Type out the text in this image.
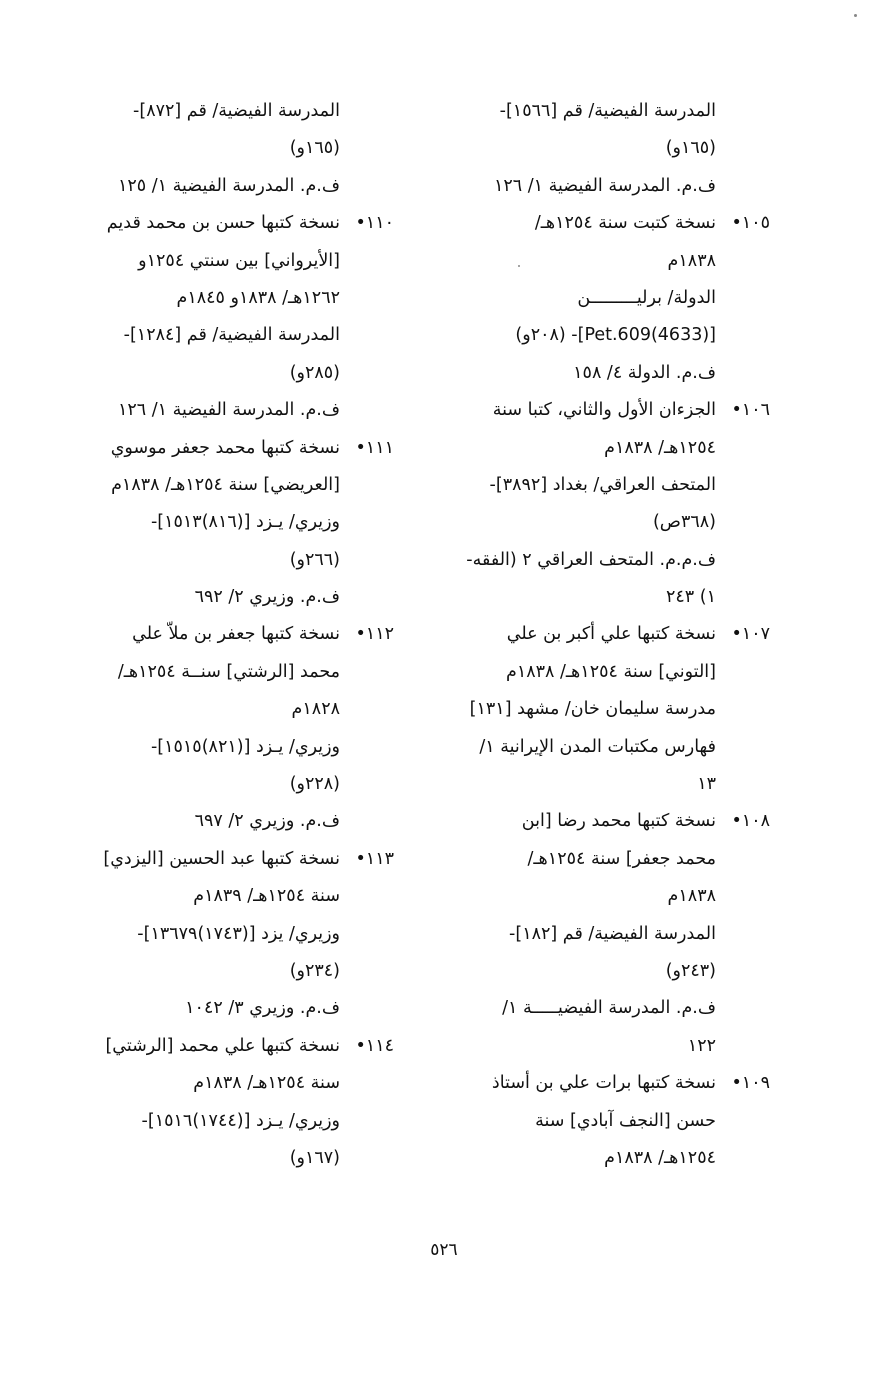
المدرسة الفيضية/ قم [١٥٦٦]-
(١٦٥و)
ف.م. المدرسة الفيضية ١/ ١٢٦
١٠٥•
نسخة كتبت سنة ١٢٥٤هـ/
١٨٣٨م
الدولة/ برليـــــــــن
[(4633)Pet.609]- (٢٠٨و)
ف.م. الدولة ٤/ ١٥٨
١٠٦•
الجزءان الأول والثاني، كتبا سنة
١٢٥٤هـ/ ١٨٣٨م
المتحف العراقي/ بغداد [٣٨٩٢]-
(٣٦٨ص)
ف.م.م. المتحف العراقي ٢ (الفقه-
١) ٢٤٣
١٠٧•
نسخة كتبها علي أكبر بن علي
[التوني] سنة ١٢٥٤هـ/ ١٨٣٨م
مدرسة سليمان خان/ مشهد [١٣١]
فهارس مكتبات المدن الإيرانية ١/
١٣
١٠٨•
نسخة كتبها محمد رضا [ابن
محمد جعفر] سنة ١٢٥٤هـ/
١٨٣٨م
المدرسة الفيضية/ قم [١٨٢]-
(٢٤٣و)
ف.م. المدرسة الفيضيـــــة ١/
١٢٢
١٠٩•
نسخة كتبها برات علي بن أستاذ
حسن [النجف آبادي] سنة
١٢٥٤هـ/ ١٨٣٨م
المدرسة الفيضية/ قم [٨٧٢]-
(١٦٥و)
ف.م. المدرسة الفيضية ١/ ١٢٥
١١٠•
نسخة كتبها حسن بن محمد قديم
[الأيرواني] بين سنتي ١٢٥٤و
١٢٦٢هـ/ ١٨٣٨و ١٨٤٥م
المدرسة الفيضية/ قم [١٢٨٤]-
(٢٨٥و)
ف.م. المدرسة الفيضية ١/ ١٢٦
١١١•
نسخة كتبها محمد جعفر موسوي
[العريضي] سنة ١٢٥٤هـ/ ١٨٣٨م
وزيري/ يـزد [(٨١٦)١٥١٣]-
(٢٦٦و)
ف.م. وزيري ٢/ ٦٩٢
١١٢•
نسخة كتبها جعفر بن ملاّ علي
محمد [الرشتي] سنــة ١٢٥٤هـ/
١٨٢٨م
وزيري/ يـزد [(٨٢١)١٥١٥]-
(٢٢٨و)
ف.م. وزيري ٢/ ٦٩٧
١١٣•
نسخة كتبها عبد الحسين [اليزدي]
سنة ١٢٥٤هـ/ ١٨٣٩م
وزيري/ يزد [(١٧٤٣)١٣٦٧٩]-
(٢٣٤و)
ف.م. وزيري ٣/ ١٠٤٢
١١٤•
نسخة كتبها علي محمد [الرشتي]
سنة ١٢٥٤هـ/ ١٨٣٨م
وزيري/ يـزد [(١٧٤٤)١٥١٦]-
(١٦٧و)
٥٢٦
